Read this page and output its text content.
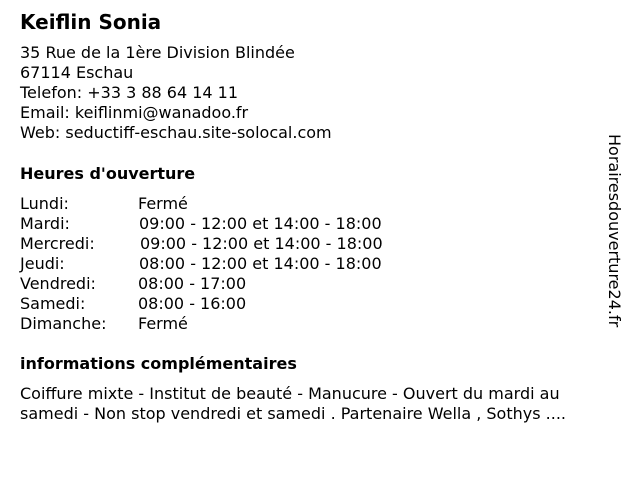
Keiflin Sonia
35 Rue de la 1ère Division Blindée
67114 Eschau
Telefon: +33 3 88 64 14 11
Email: keiflinmi@wanadoo.fr
Web: seductiff-eschau.site-solocal.com
Heures d'ouverture
Lundi:	Fermé
Mardi:	09:00 - 12:00 et 14:00 - 18:00
Mercredi:	09:00 - 12:00 et 14:00 - 18:00
Jeudi:	08:00 - 12:00 et 14:00 - 18:00
Vendredi:	08:00 - 17:00
Samedi:	08:00 - 16:00
Dimanche: Fermé
informations complémentaires
Coiffure mixte - Institut de beauté - Manucure - Ouvert du mardi au
samedi - Non stop vendredi et samedi . Partenaire Wella , Sothys ....
Horairesdouverture24.fr
